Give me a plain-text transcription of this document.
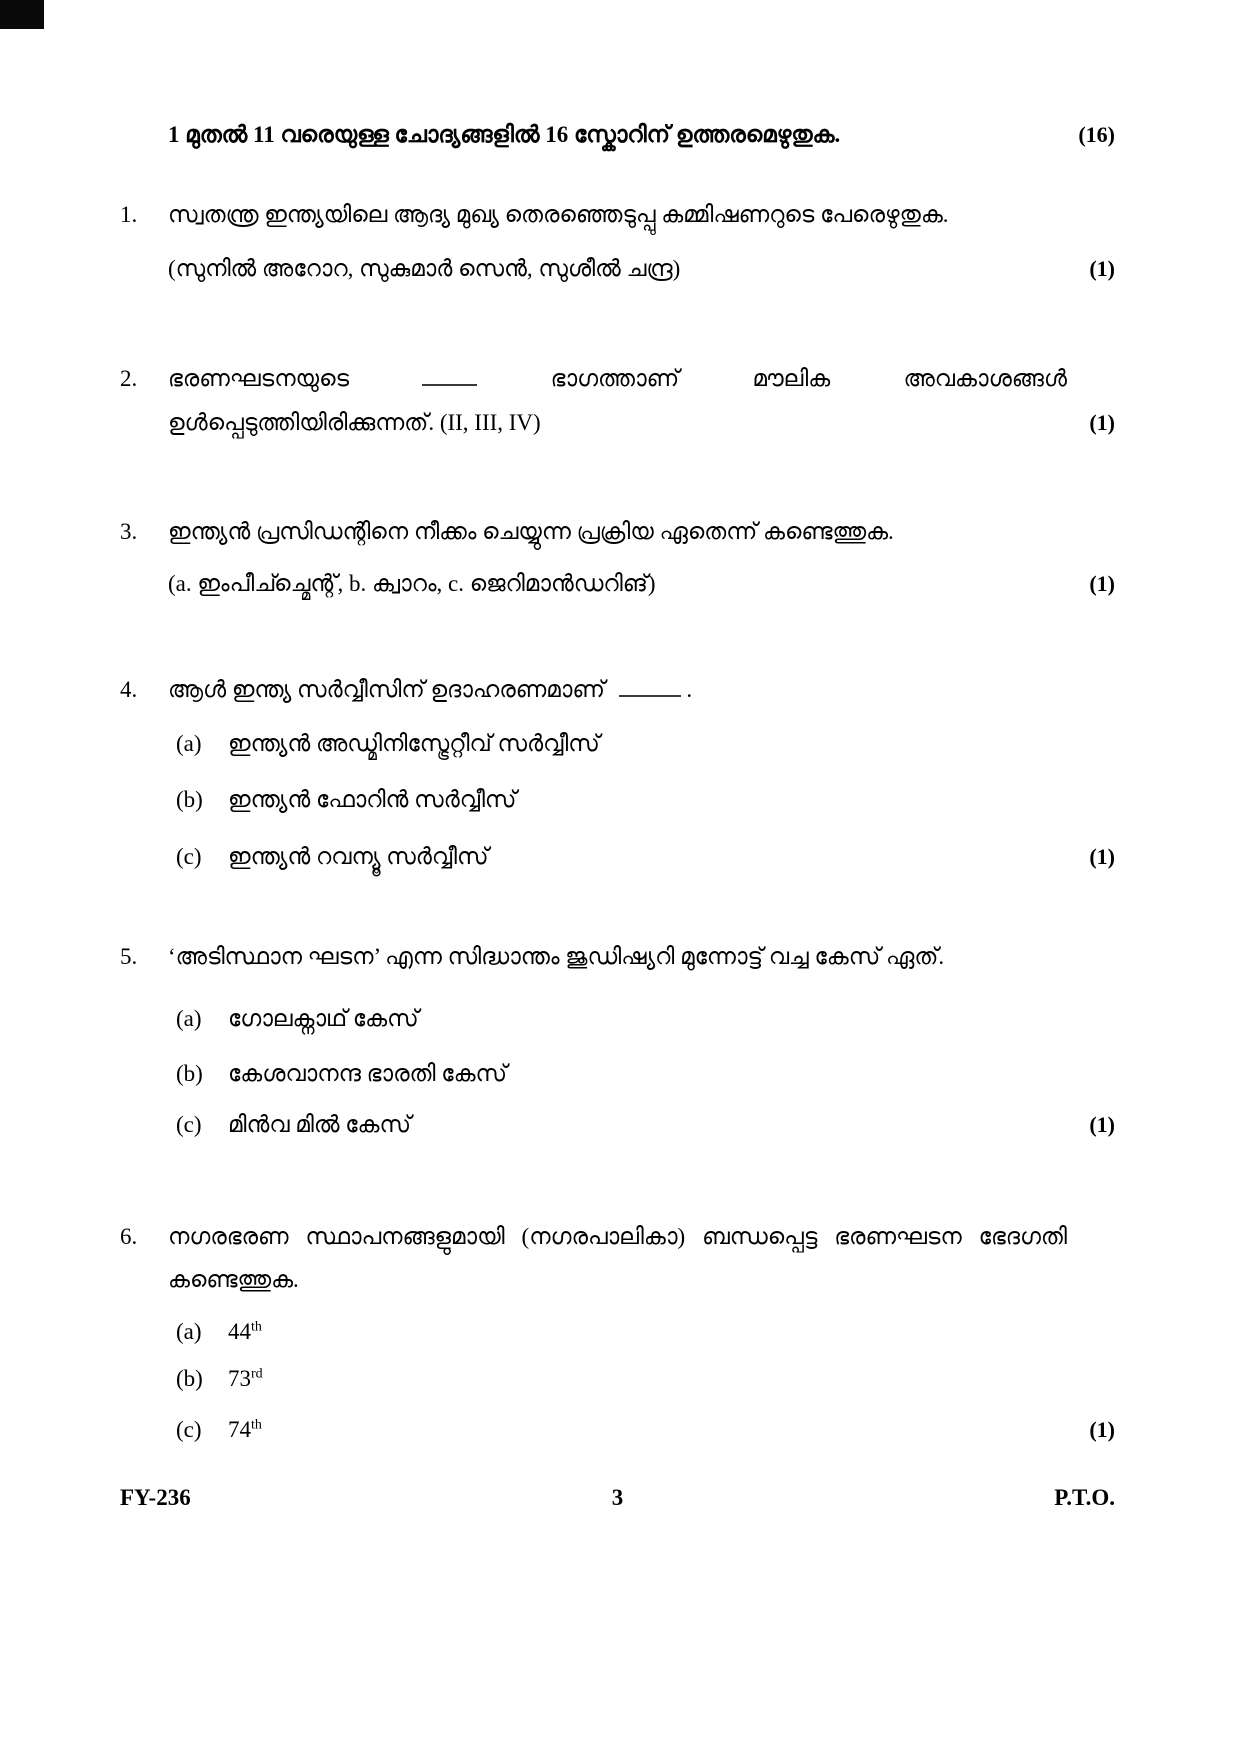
1 മുതൽ 11 വരെയുള്ള ചോദ്യങ്ങളിൽ 16 സ്കോറിന് ഉത്തരമെഴുതുക.	(16)
1.	സ്വതന്ത്ര ഇന്ത്യയിലെ ആദ്യ മുഖ്യ തെരഞ്ഞെടുപ്പു കമ്മിഷണറുടെ പേരെഴുതുക.
(സുനിൽ അറോറ, സുകുമാർ സെൻ, സുശീൽ ചന്ദ്ര)	(1)
2.	ഭരണഘടനയുടെ	ഭാഗത്താണ്	മൗലിക	അവകാശങ്ങൾ
ഉൾപ്പെടുത്തിയിരിക്കുന്നത്. (II, III, IV)	(1)
3.	ഇന്ത്യൻ പ്രസിഡന്റിനെ നീക്കം ചെയ്യുന്ന പ്രക്രിയ ഏതെന്ന് കണ്ടെത്തുക.
(a. ഇംപീച്ച്മെന്റ്, b. ക്വാറം, c. ജെറിമാൻഡറിങ്)	(1)
4.	ആൾ ഇന്ത്യ സർവ്വീസിന് ഉദാഹരണമാണ്	.
(a)	ഇന്ത്യൻ അഡ്മിനിസ്ട്രേറ്റീവ് സർവ്വീസ്
(b)	ഇന്ത്യൻ ഫോറിൻ സർവ്വീസ്
(c)	ഇന്ത്യൻ റവന്യൂ സർവ്വീസ്	(1)
5.	‘അടിസ്ഥാന ഘടന’ എന്ന സിദ്ധാന്തം ജുഡിഷ്യറി മുന്നോട്ട് വച്ച കേസ് ഏത്.
(a)	ഗോലക്നാഥ് കേസ്
(b)	കേശവാനന്ദ ഭാരതി കേസ്
(c)	മിൻവ മിൽ കേസ്	(1)
6.	നഗരഭരണ സ്ഥാപനങ്ങളുമായി (നഗരപാലികാ) ബന്ധപ്പെട്ട ഭരണഘടന ഭേദഗതി
കണ്ടെത്തുക.
(a)	44th
(b)	73rd
(c)	74th	(1)
FY-236	3	P.T.O.
